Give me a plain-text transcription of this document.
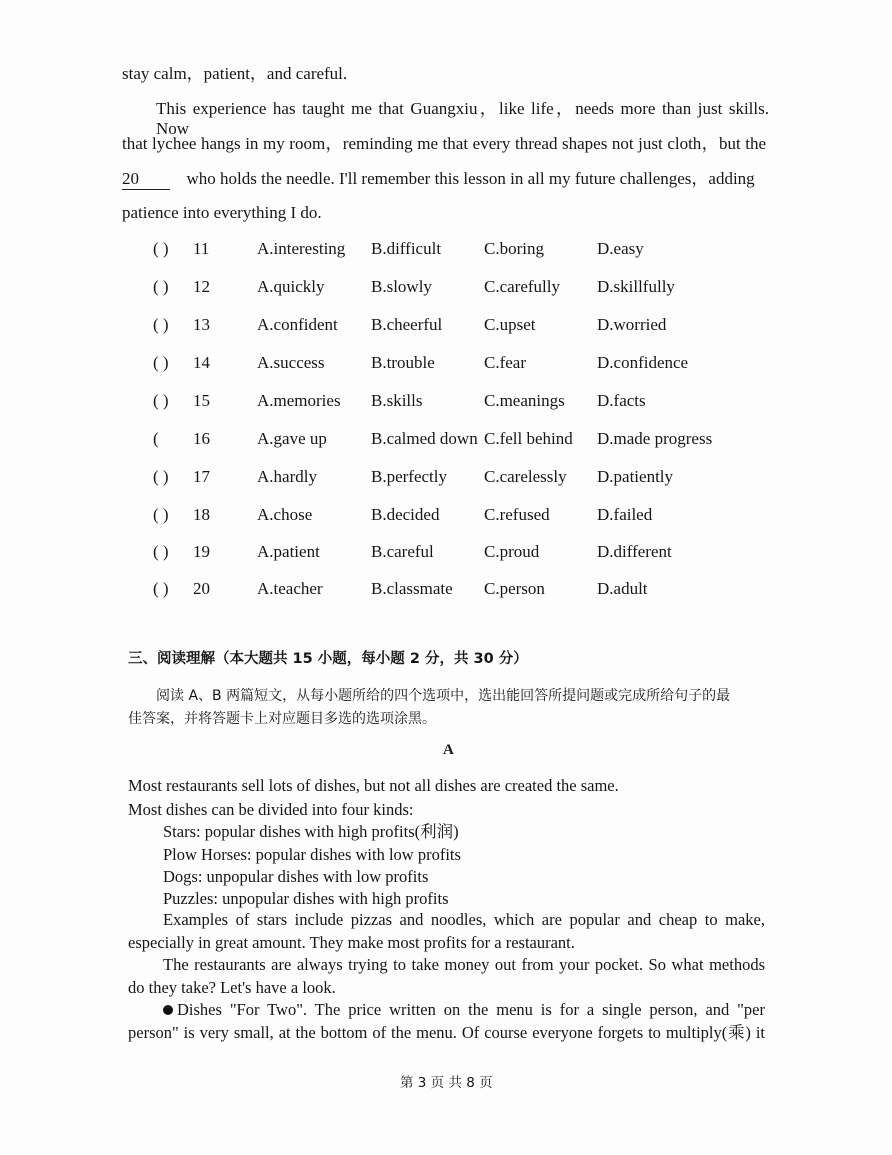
stay calm，patient，and careful.
This experience has taught me that Guangxiu，like life，needs more than just skills. Now
that lychee hangs in my room，reminding me that every thread shapes not just cloth，but the
20	who holds the needle. I'll remember this lesson in all my future challenges，adding
patience into everything I do.
( ) 11	A.interesting B.difficult	C.boring	D.easy
( ) 12	A.quickly	B.slowly	C.carefully D.skillfully
( ) 13	A.confident B.cheerful C.upset	D.worried
( ) 14	A.success	B.trouble	C.fear	D.confidence
( ) 15	A.memories B.skills	C.meanings D.facts
( 16	A.gave up	B.calmed down C.fell behind D.made progress
( ) 17	A.hardly	B.perfectly C.carelessly D.patiently
( ) 18	A.chose	B.decided	C.refused	D.failed
( ) 19	A.patient	B.careful	C.proud	D.different
( ) 20	A.teacher	B.classmate C.person	D.adult
三、阅读理解（本大题共 15 小题，每小题 2 分，共 30 分）
阅读 A、B 两篇短文，从每小题所给的四个选项中，选出能回答所提问题或完成所给句子的最
佳答案，并将答题卡上对应题目多选的选项涂黑。
A
Most restaurants sell lots of dishes, but not all dishes are created the same.
Most dishes can be divided into four kinds:
Stars: popular dishes with high profits(利润)
Plow Horses: popular dishes with low profits
Dogs: unpopular dishes with low profits
Puzzles: unpopular dishes with high profits
Examples of stars include pizzas and noodles, which are popular and cheap to make,
especially in great amount. They make most profits for a restaurant.
The restaurants are always trying to take money out from your pocket. So what methods
do they take? Let's have a look.
Dishes "For Two". The price written on the menu is for a single person, and "per
person" is very small, at the bottom of the menu. Of course everyone forgets to multiply(乘) it
第 3 页 共 8 页
